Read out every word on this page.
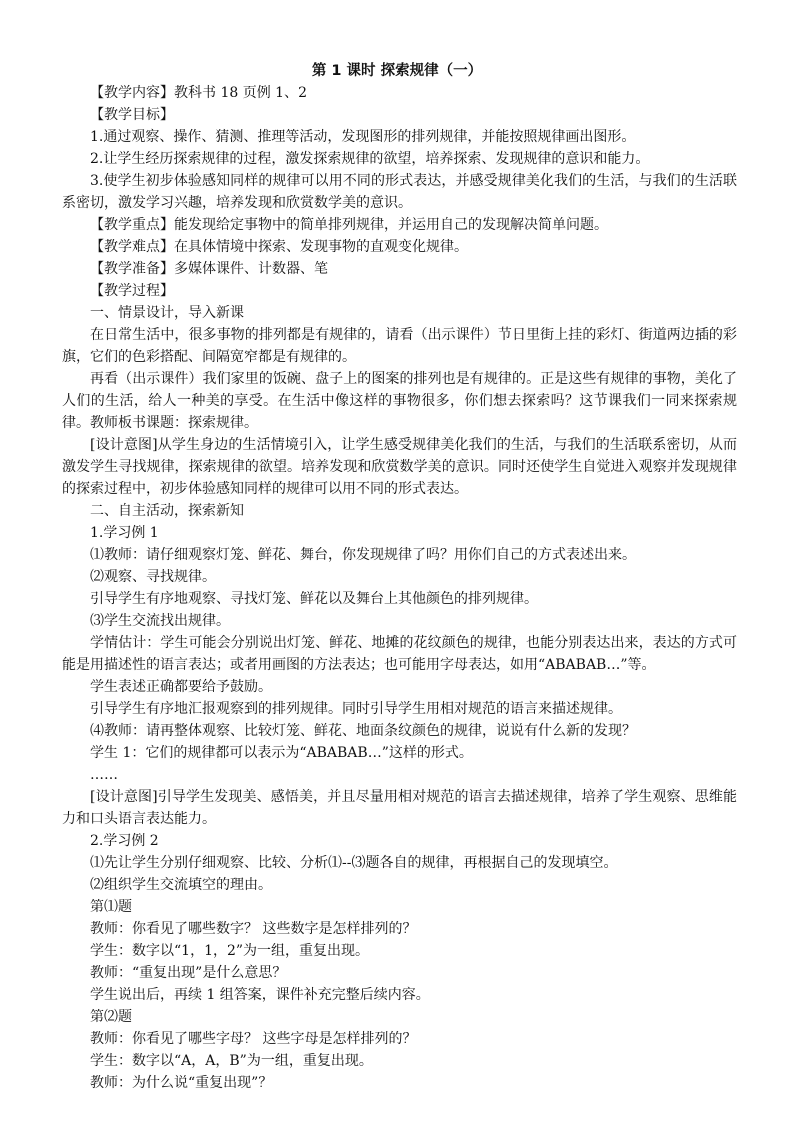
第 1 课时 探索规律（一）

【教学内容】教科书 18 页例 1、2

【教学目标】

1.通过观察、操作、猜测、推理等活动，发现图形的排列规律，并能按照规律画出图形。

2.让学生经历探索规律的过程，激发探索规律的欲望，培养探索、发现规律的意识和能力。

3.使学生初步体验感知同样的规律可以用不同的形式表达，并感受规律美化我们的生活，与我们的生活联系密切，激发学习兴趣，培养发现和欣赏数学美的意识。

【教学重点】能发现给定事物中的简单排列规律，并运用自己的发现解决简单问题。

【教学难点】在具体情境中探索、发现事物的直观变化规律。

【教学准备】多媒体课件、计数器、笔

【教学过程】

一、情景设计，导入新课

在日常生活中，很多事物的排列都是有规律的，请看（出示课件）节日里街上挂的彩灯、街道两边插的彩旗，它们的色彩搭配、间隔宽窄都是有规律的。

再看（出示课件）我们家里的饭碗、盘子上的图案的排列也是有规律的。正是这些有规律的事物，美化了人们的生活，给人一种美的享受。在生活中像这样的事物很多，你们想去探索吗？这节课我们一同来探索规律。教师板书课题：探索规律。

[设计意图]从学生身边的生活情境引入，让学生感受规律美化我们的生活，与我们的生活联系密切，从而激发学生寻找规律，探索规律的欲望。培养发现和欣赏数学美的意识。同时还使学生自觉进入观察并发现规律的探索过程中，初步体验感知同样的规律可以用不同的形式表达。

二、自主活动，探索新知

1.学习例 1

⑴教师：请仔细观察灯笼、鲜花、舞台，你发现规律了吗？用你们自己的方式表述出来。

⑵观察、寻找规律。

引导学生有序地观察、寻找灯笼、鲜花以及舞台上其他颜色的排列规律。

⑶学生交流找出规律。

学情估计：学生可能会分别说出灯笼、鲜花、地摊的花纹颜色的规律，也能分别表达出来，表达的方式可能是用描述性的语言表达；或者用画图的方法表达；也可能用字母表达，如用“ABABAB…”等。

学生表述正确都要给予鼓励。

引导学生有序地汇报观察到的排列规律。同时引导学生用相对规范的语言来描述规律。

⑷教师：请再整体观察、比较灯笼、鲜花、地面条纹颜色的规律，说说有什么新的发现？

学生 1：它们的规律都可以表示为“ABABAB…”这样的形式。

……

[设计意图]引导学生发现美、感悟美，并且尽量用相对规范的语言去描述规律，培养了学生观察、思维能力和口头语言表达能力。

2.学习例 2

⑴先让学生分别仔细观察、比较、分析⑴--⑶题各自的规律，再根据自己的发现填空。

⑵组织学生交流填空的理由。

第⑴题

教师：你看见了哪些数字？ 这些数字是怎样排列的？

学生：数字以“1，1，2”为一组，重复出现。

教师：“重复出现”是什么意思？

学生说出后，再续 1 组答案，课件补充完整后续内容。

第⑵题

教师：你看见了哪些字母？ 这些字母是怎样排列的？

学生：数字以“A，A，B”为一组，重复出现。

教师：为什么说“重复出现”？
